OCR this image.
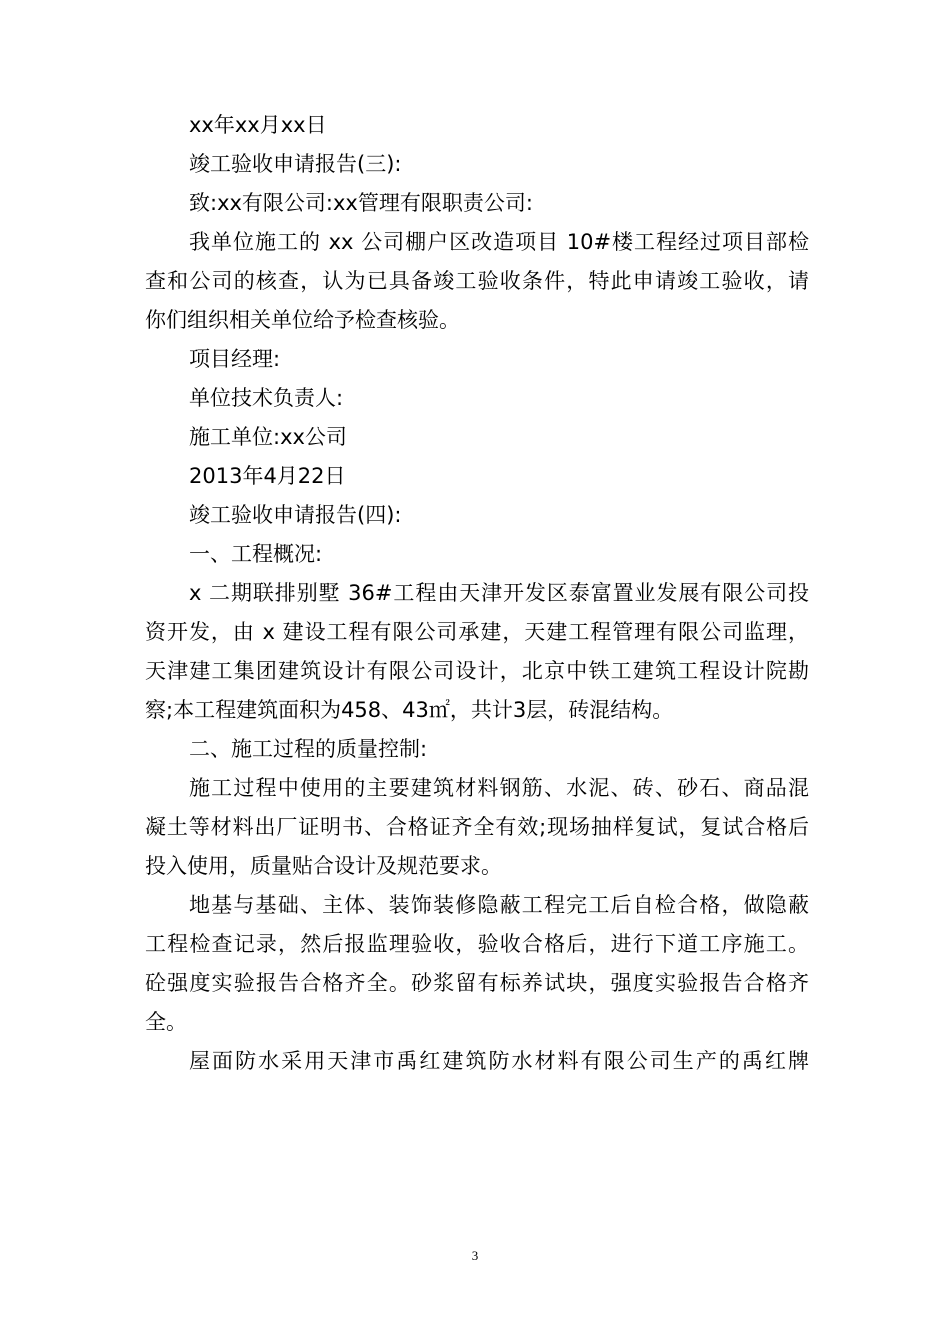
xx年xx月xx日
竣工验收申请报告(三):
致:xx有限公司:xx管理有限职责公司:
我单位施工的 xx 公司棚户区改造项目 10#楼工程经过项目部检
查和公司的核查，认为已具备竣工验收条件，特此申请竣工验收，请
你们组织相关单位给予检查核验。
项目经理:
单位技术负责人:
施工单位:xx公司
2013年4月22日
竣工验收申请报告(四):
一、工程概况:
x 二期联排别墅 36#工程由天津开发区泰富置业发展有限公司投
资开发，由 x 建设工程有限公司承建，天建工程管理有限公司监理，
天津建工集团建筑设计有限公司设计，北京中铁工建筑工程设计院勘
察;本工程建筑面积为458、43㎡，共计3层，砖混结构。
二、施工过程的质量控制:
施工过程中使用的主要建筑材料钢筋、水泥、砖、砂石、商品混
凝土等材料出厂证明书、合格证齐全有效;现场抽样复试，复试合格后
投入使用，质量贴合设计及规范要求。
地基与基础、主体、装饰装修隐蔽工程完工后自检合格，做隐蔽
工程检查记录，然后报监理验收，验收合格后，进行下道工序施工。
砼强度实验报告合格齐全。砂浆留有标养试块，强度实验报告合格齐
全。
屋面防水采用天津市禹红建筑防水材料有限公司生产的禹红牌
3
